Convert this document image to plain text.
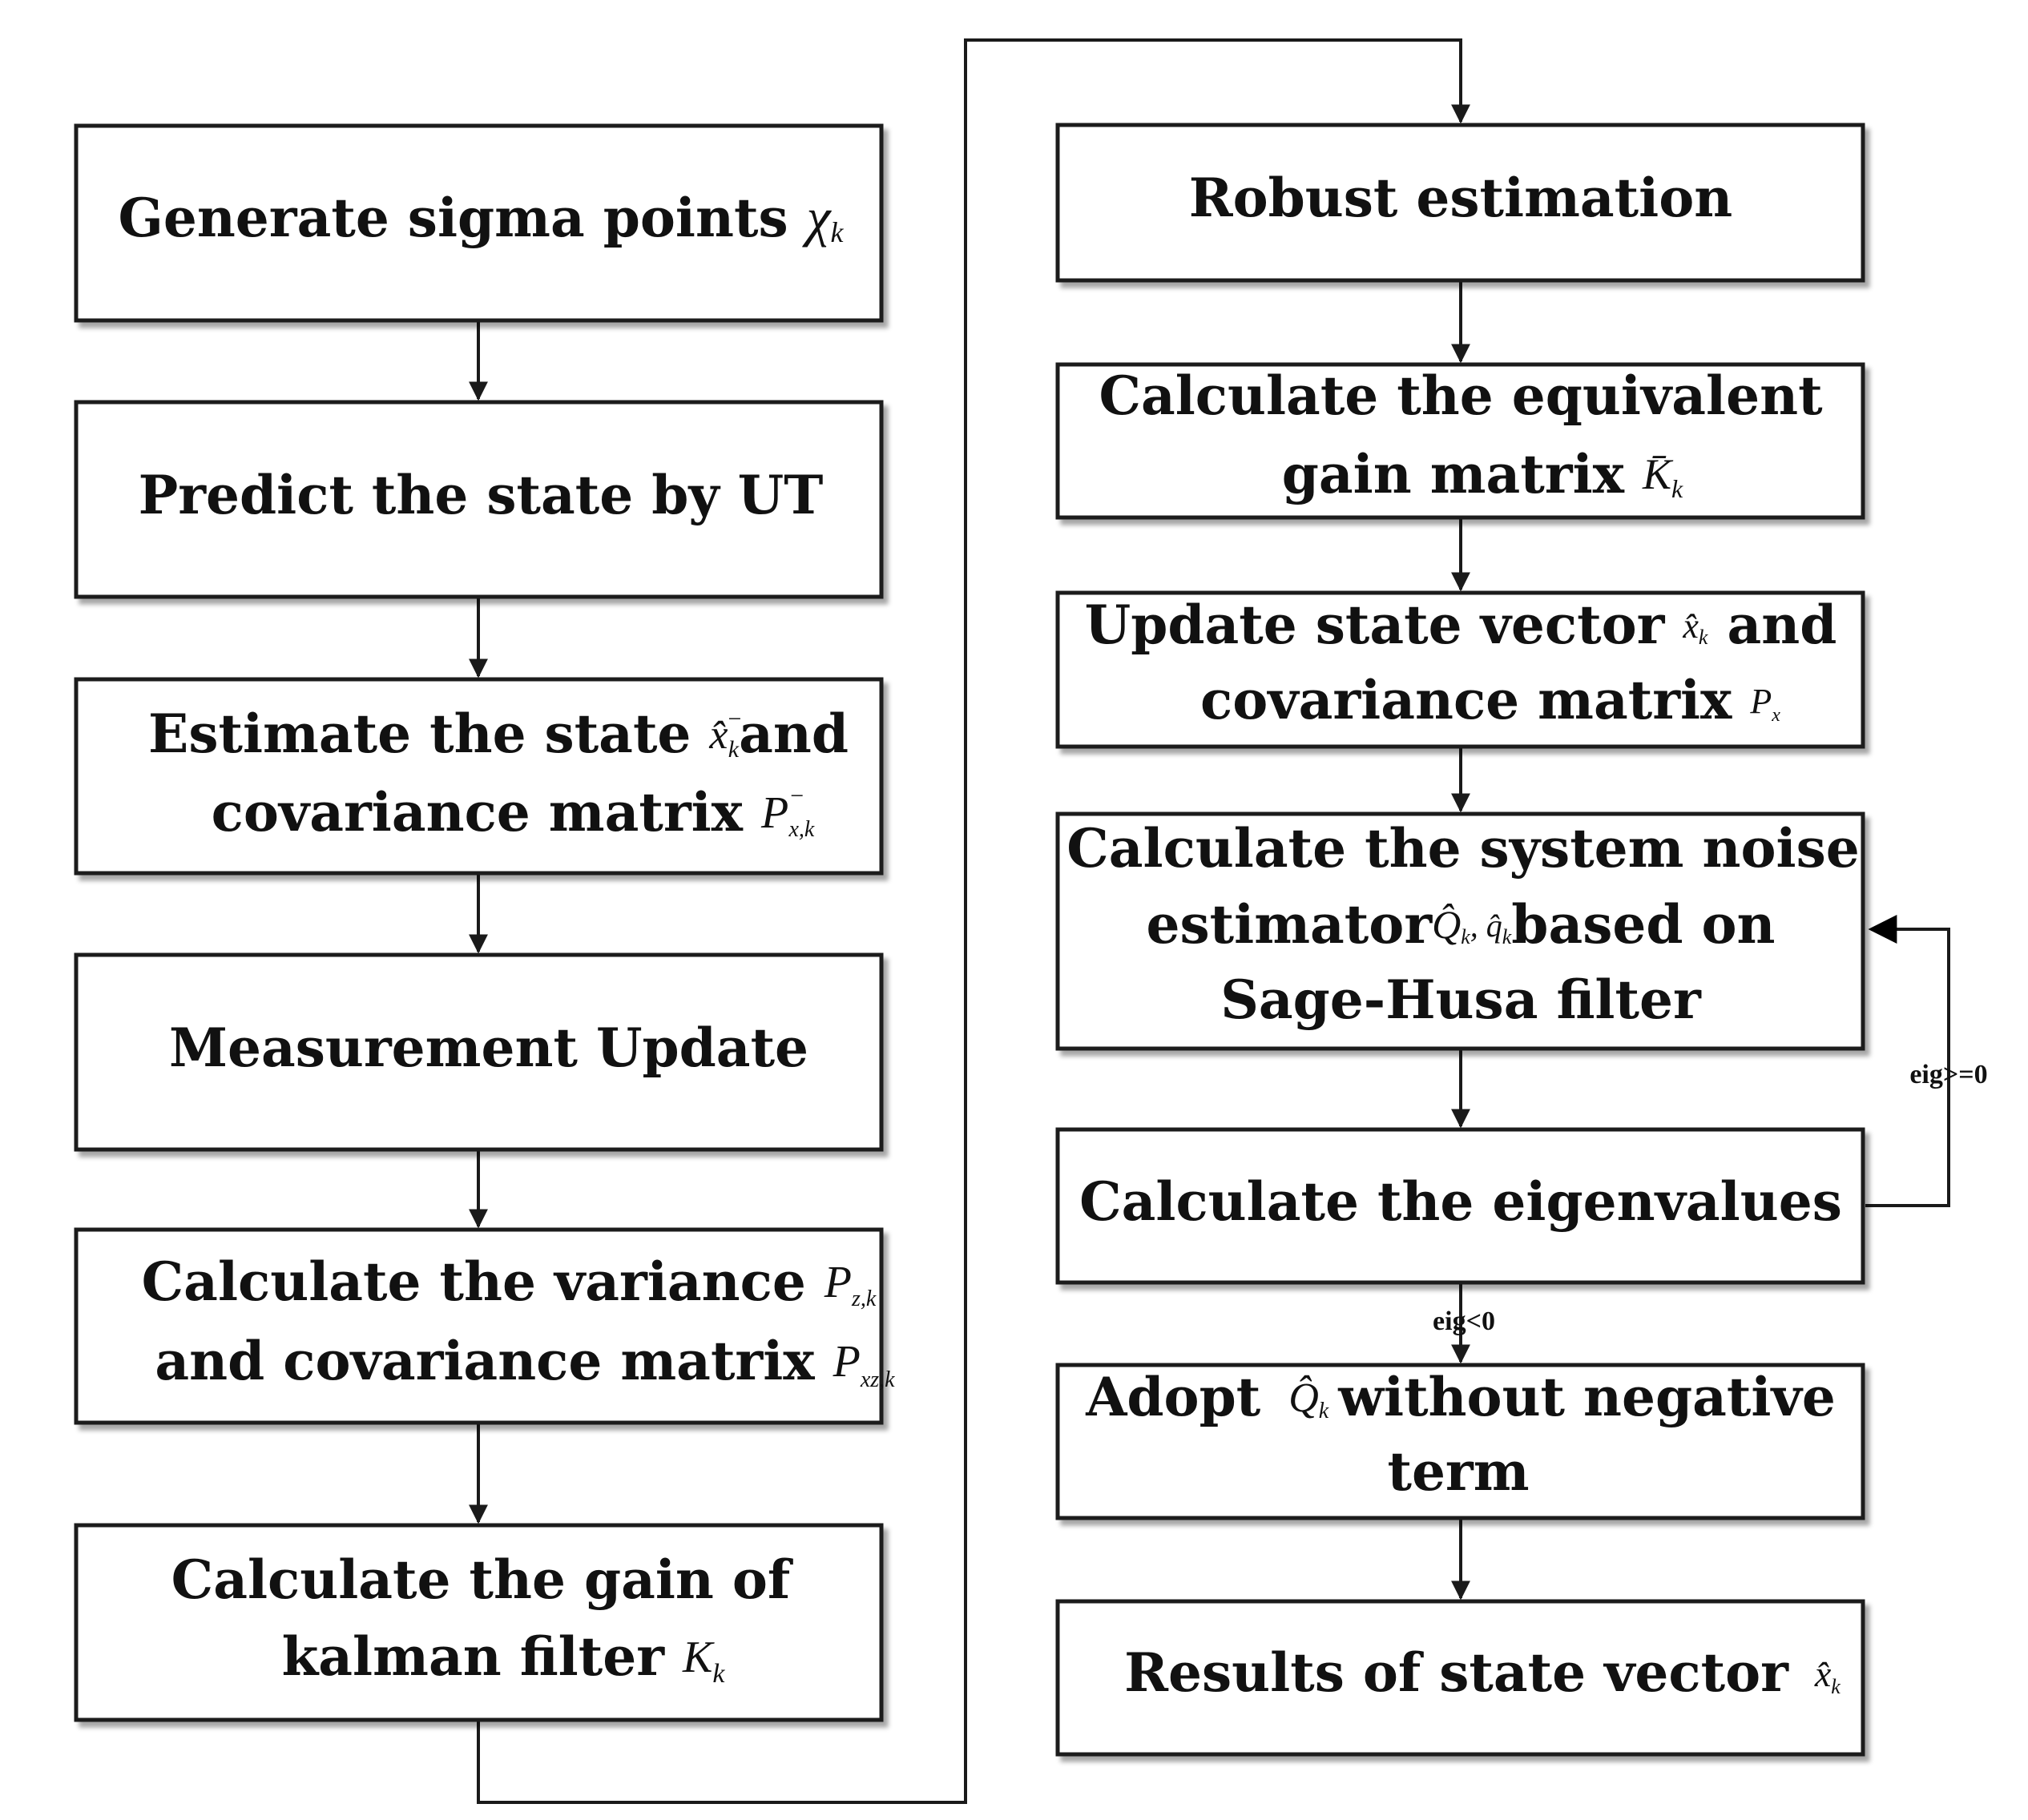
eig>=0
eig<0
Generate sigma points $\chi_k$
Predict the state by UT
Estimate the state x̂− kand
covariance matrix P− x,k
Measurement Update
Calculate the variance $P_{z,k}$
and covariance matrix $P_{xz,k}$
Calculate the gain of
kalman filter $K_k$
Robust estimation
Calculate the equivalent
gain matrix $K̄_k$
Update state vector x̂k and
covariance matrix $P_x$
Calculate the system noise
estimatorQ̂k, q̂kbased on
Sage-Husa filter
Calculate the eigenvalues
Adopt $Q̂_k$ without negative
term
Results of state vector $x̂_k$
